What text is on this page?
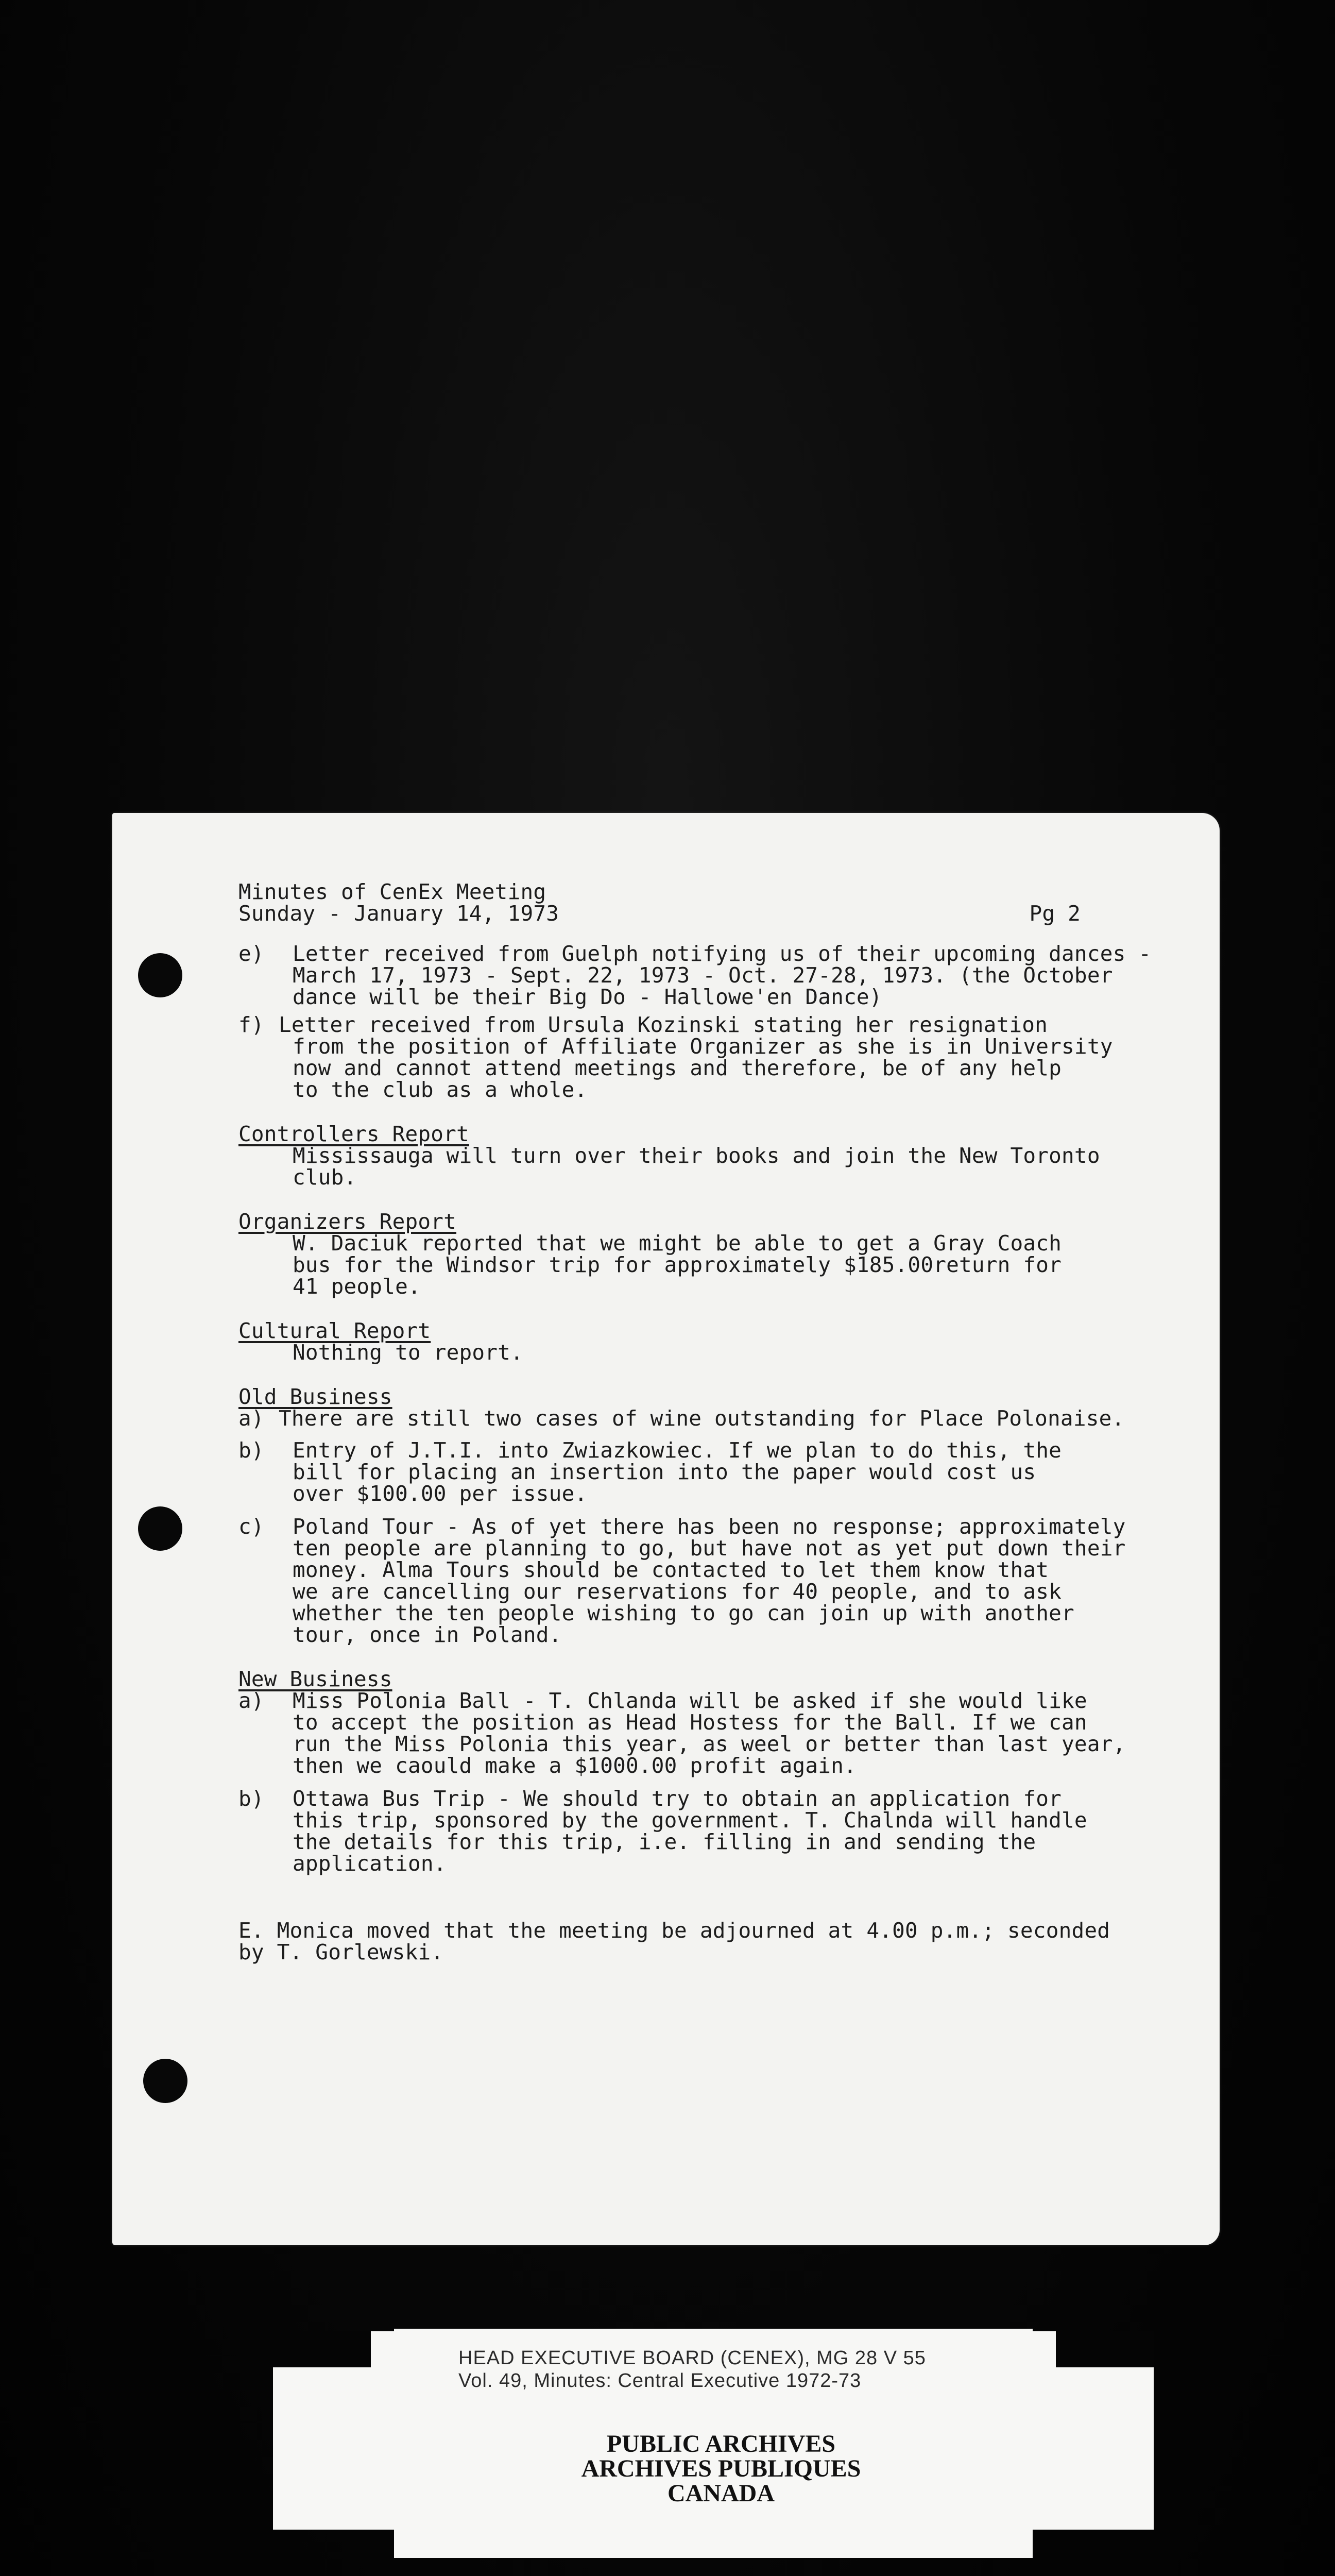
Minutes of CenEx Meeting
Sunday - January 14, 1973	Pg 2
e)	Letter received from Guelph notifying us of their upcoming dances -
March 17, 1973 - Sept. 22, 1973 - Oct. 27-28, 1973. (the October
dance will be their Big Do - Hallowe'en Dance)
f) Letter received from Ursula Kozinski stating her resignation
from the position of Affiliate Organizer as she is in University
now and cannot attend meetings and therefore, be of any help
to the club as a whole.
Controllers Report
Mississauga will turn over their books and join the New Toronto
club.
Organizers Report
W. Daciuk reported that we might be able to get a Gray Coach
bus for the Windsor trip for approximately $185.00return for
41 people.
Cultural Report
Nothing to report.
Old Business
a) There are still two cases of wine outstanding for Place Polonaise.
b)	Entry of J.T.I. into Zwiazkowiec. If we plan to do this, the
bill for placing an insertion into the paper would cost us
over $100.00 per issue.
c)	Poland Tour - As of yet there has been no response; approximately
ten people are planning to go, but have not as yet put down their
money. Alma Tours should be contacted to let them know that
we are cancelling our reservations for 40 people, and to ask
whether the ten people wishing to go can join up with another
tour, once in Poland.
New Business
a)	Miss Polonia Ball - T. Chlanda will be asked if she would like
to accept the position as Head Hostess for the Ball. If we can
run the Miss Polonia this year, as weel or better than last year,
then we caould make a $1000.00 profit again.
b)	Ottawa Bus Trip - We should try to obtain an application for
this trip, sponsored by the government. T. Chalnda will handle
the details for this trip, i.e. filling in and sending the
application.
E. Monica moved that the meeting be adjourned at 4.00 p.m.; seconded
by T. Gorlewski.
HEAD EXECUTIVE BOARD (CENEX), MG 28 V 55
Vol. 49, Minutes: Central Executive 1972-73
PUBLIC ARCHIVES
ARCHIVES PUBLIQUES
CANADA
